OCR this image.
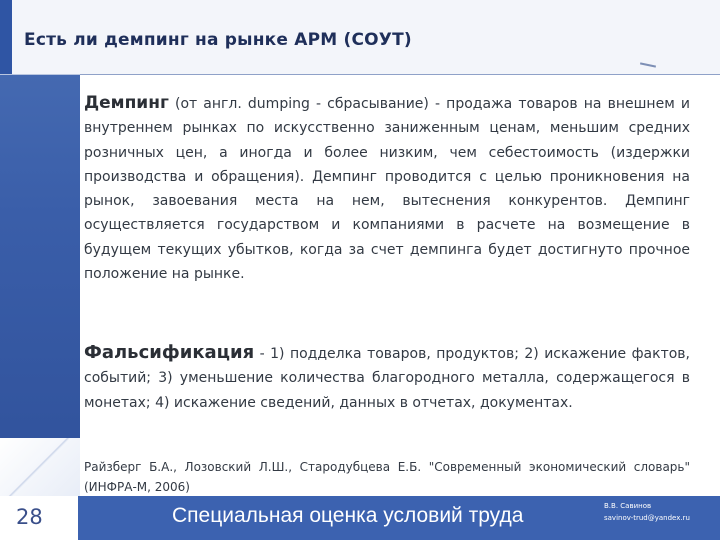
Есть ли демпинг на рынке АРМ (СОУТ)

Демпинг (от англ. dumping - сбрасывание) - продажа товаров на внешнем и внутреннем рынках по искусственно заниженным ценам, меньшим средних розничных цен, а иногда и более низким, чем себестоимость (издержки производства и обращения). Демпинг проводится с целью проникновения на рынок, завоевания места на нем, вытеснения конкурентов. Демпинг осуществляется государством и компаниями в расчете на возмещение в будущем текущих убытков, когда за счет демпинга будет достигнуто прочное положение на рынке.

Фальсификация - 1) подделка товаров, продуктов; 2) искажение фактов, событий; 3) уменьшение количества благородного металла, содержащегося в монетах; 4) искажение сведений, данных в отчетах, документах.

Райзберг Б.А., Лозовский Л.Ш., Стародубцева Е.Б. "Современный экономический словарь" (ИНФРА-М, 2006)

28	Специальная оценка условий труда	В.В. Савинов
savinov-trud@yandex.ru
